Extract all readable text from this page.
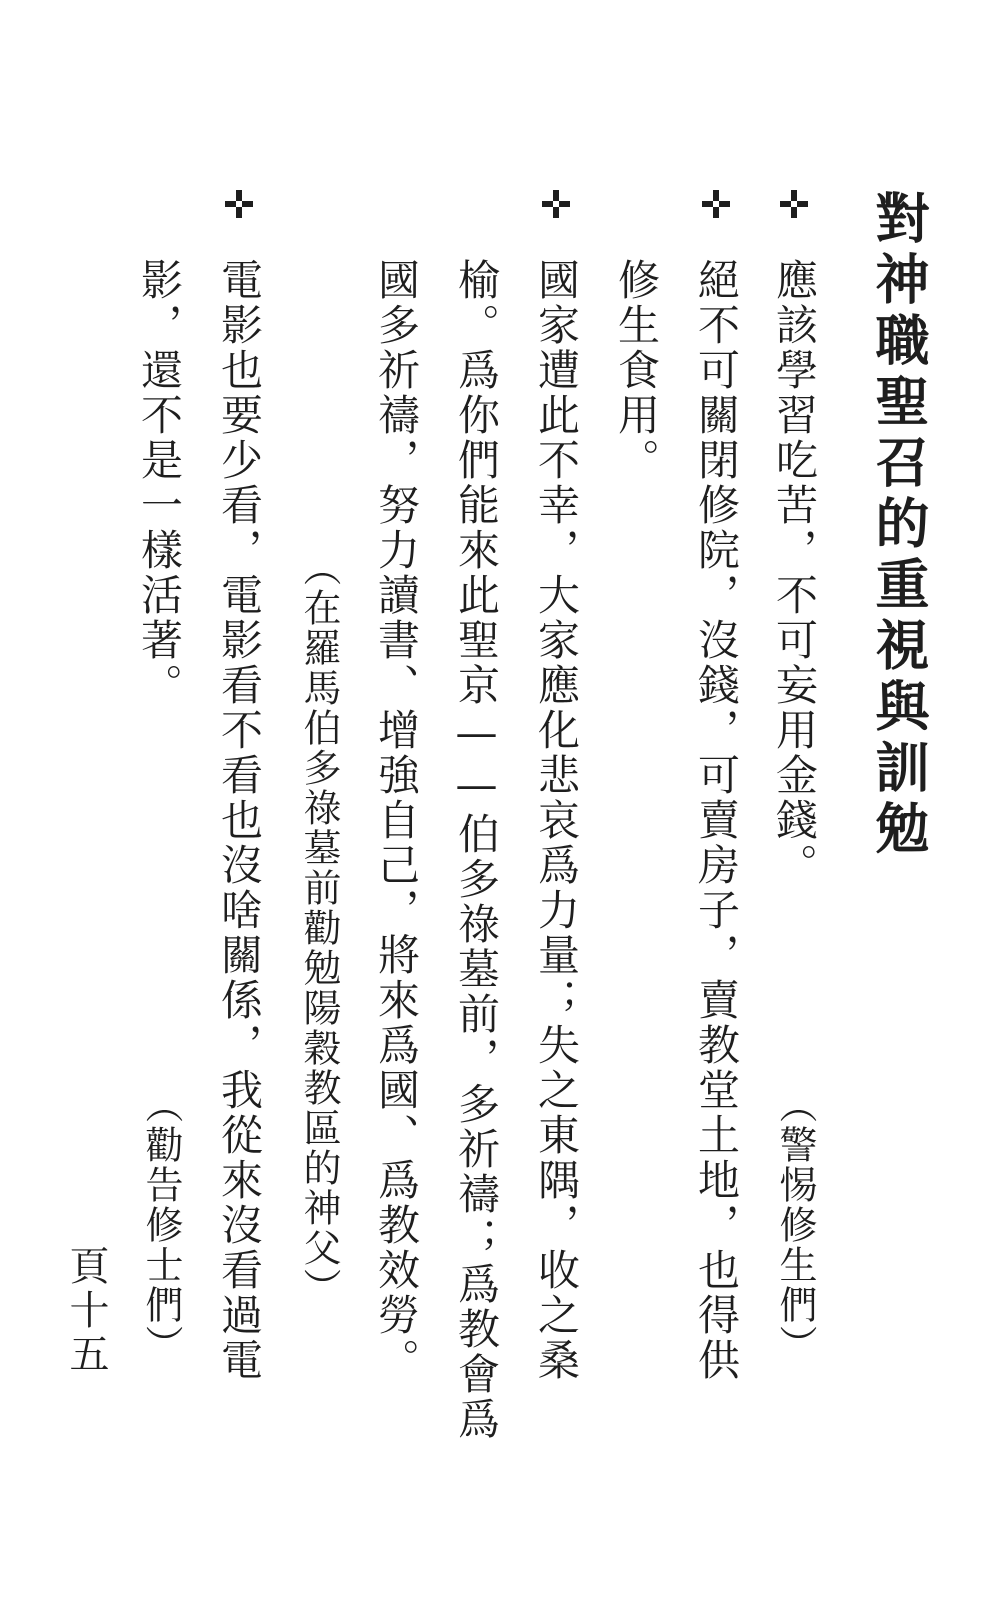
對神職聖召的重視與訓勉
應該學習吃苦，不可妄用金錢。
（警惕修生們）
絕不可關閉修院，沒錢，可賣房子，賣教堂土地，也得供
修生食用。
國家遭此不幸，大家應化悲哀爲力量；失之東隅，收之桑
榆。爲你們能來此聖京——伯多祿墓前，多祈禱；爲教會爲
國多祈禱，努力讀書、增強自己，將來爲國、爲教效勞。
（在羅馬伯多祿墓前勸勉陽穀教區的神父）
電影也要少看，電影看不看也沒啥關係，我從來沒看過電
影，還不是一樣活著。
（勸告修士們）
頁十五
